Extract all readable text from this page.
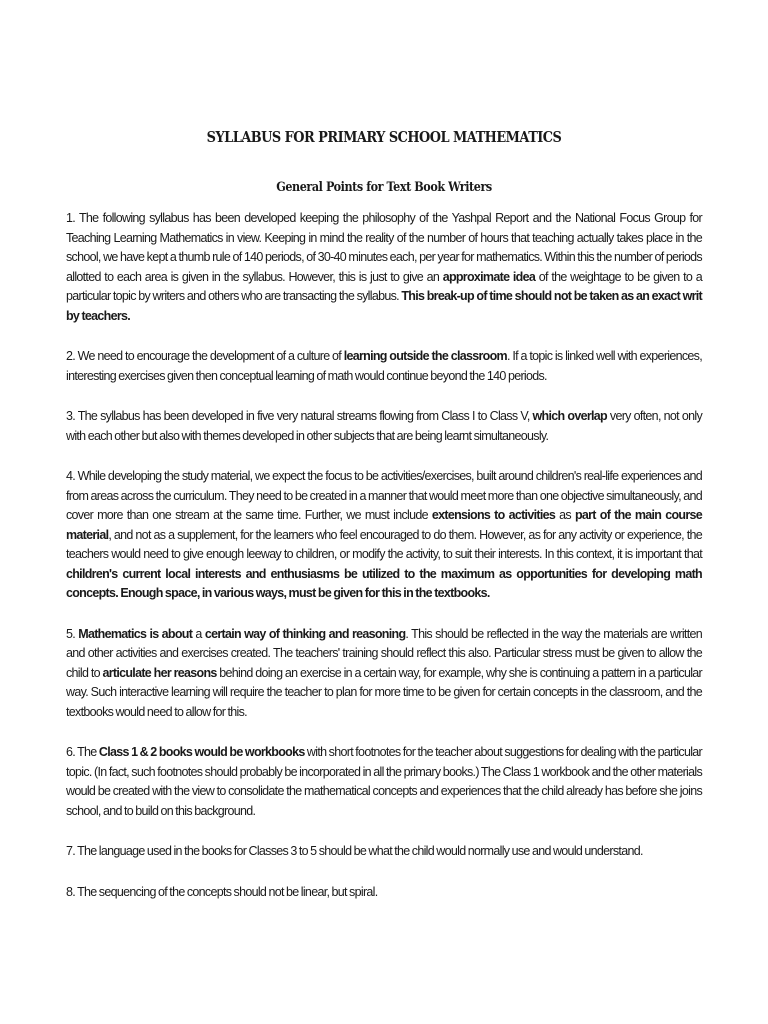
SYLLABUS FOR PRIMARY SCHOOL MATHEMATICS
General Points for Text Book Writers

1. The following syllabus has been developed keeping the philosophy of the Yashpal Report and the National Focus Group for Teaching Learning Mathematics in view. Keeping in mind the reality of the number of hours that teaching actually takes place in the school, we have kept a thumb rule of 140 periods, of 30-40 minutes each, per year for mathematics. Within this the number of periods allotted to each area is given in the syllabus. However, this is just to give an approximate idea of the weightage to be given to a particular topic by writers and others who are transacting the syllabus. This break-up of time should not be taken as an exact writ by teachers.

2. We need to encourage the development of a culture of learning outside the classroom. If a topic is linked well with experiences, interesting exercises given then conceptual learning of math would continue beyond the 140 periods.

3. The syllabus has been developed in five very natural streams flowing from Class I to Class V, which overlap very often, not only with each other but also with themes developed in other subjects that are being learnt simultaneously.

4. While developing the study material, we expect the focus to be activities/exercises, built around children's real-life experiences and from areas across the curriculum. They need to be created in a manner that would meet more than one objective simultaneously, and cover more than one stream at the same time. Further, we must include extensions to activities as part of the main course material, and not as a supplement, for the learners who feel encouraged to do them. However, as for any activity or experience, the teachers would need to give enough leeway to children, or modify the activity, to suit their interests. In this context, it is important that children's current local interests and enthusiasms be utilized to the maximum as opportunities for developing math concepts. Enough space, in various ways, must be given for this in the textbooks.

5. Mathematics is about a certain way of thinking and reasoning. This should be reflected in the way the materials are written and other activities and exercises created. The teachers' training should reflect this also. Particular stress must be given to allow the child to articulate her reasons behind doing an exercise in a certain way, for example, why she is continuing a pattern in a particular way. Such interactive learning will require the teacher to plan for more time to be given for certain concepts in the classroom, and the textbooks would need to allow for this.

6. The Class 1 & 2 books would be workbooks with short footnotes for the teacher about suggestions for dealing with the particular topic. (In fact, such footnotes should probably be incorporated in all the primary books.) The Class 1 workbook and the other materials would be created with the view to consolidate the mathematical concepts and experiences that the child already has before she joins school, and to build on this background.

7. The language used in the books for Classes 3 to 5 should be what the child would normally use and would understand.

8. The sequencing of the concepts should not be linear, but spiral.
